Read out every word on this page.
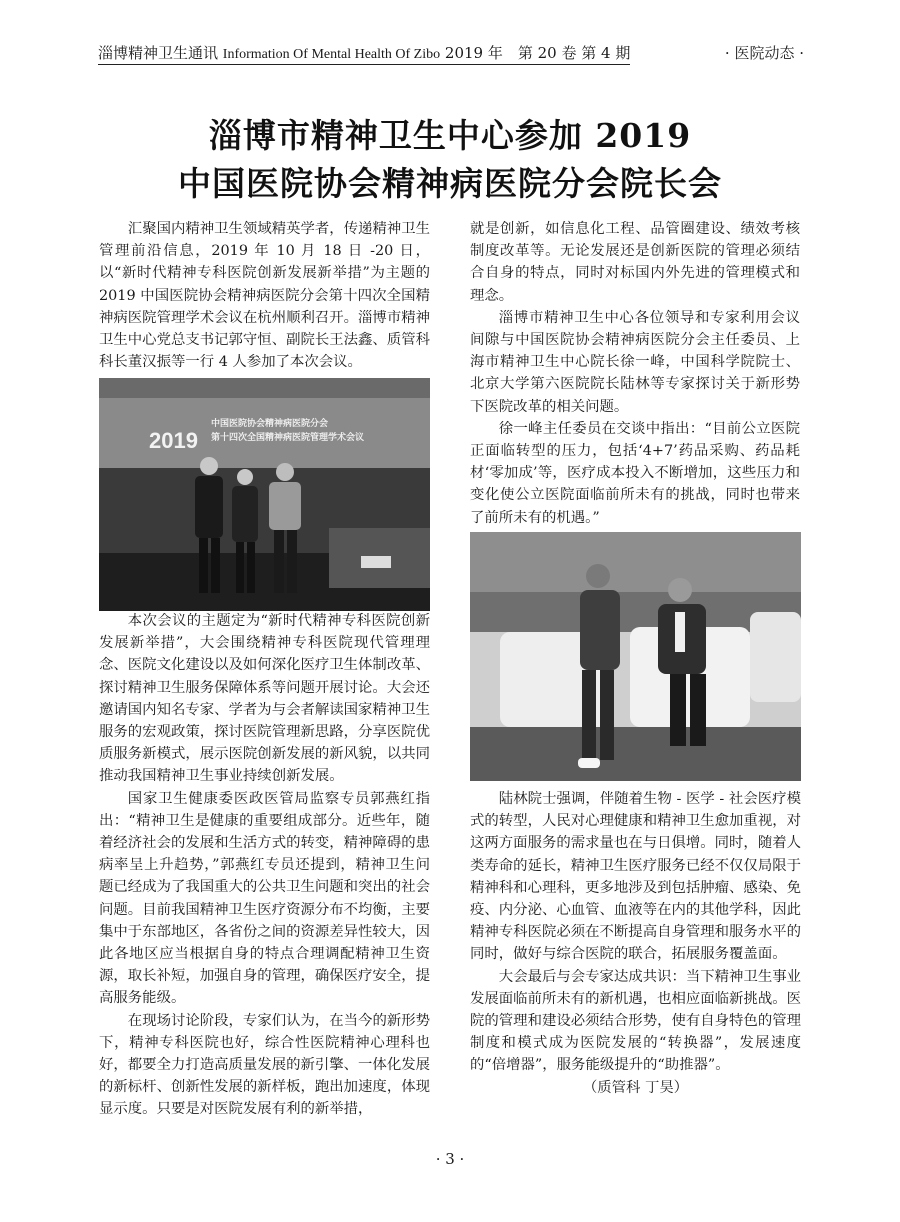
淄博精神卫生通讯 Information Of Mental Health Of Zibo 2019 年　第 20 卷 第 4 期	· 医院动态 ·
淄博市精神卫生中心参加 2019
中国医院协会精神病医院分会院长会

汇聚国内精神卫生领域精英学者，传递精神卫生管理前沿信息，2019 年 10 月 18 日 -20 日，以“新时代精神专科医院创新发展新举措”为主题的 2019 中国医院协会精神病医院分会第十四次全国精神病医院管理学术会议在杭州顺利召开。淄博市精神卫生中心党总支书记郭守恒、副院长王法鑫、质管科科长董汉振等一行 4 人参加了本次会议。

2019
中国医院协会精神病医院分会
第十四次全国精神病医院管理学术会议

本次会议的主题定为“新时代精神专科医院创新发展新举措”，大会围绕精神专科医院现代管理理念、医院文化建设以及如何深化医疗卫生体制改革、探讨精神卫生服务保障体系等问题开展讨论。大会还邀请国内知名专家、学者为与会者解读国家精神卫生服务的宏观政策，探讨医院管理新思路，分享医院优质服务新模式，展示医院创新发展的新风貌，以共同推动我国精神卫生事业持续创新发展。

国家卫生健康委医政医管局监察专员郭燕红指出：“精神卫生是健康的重要组成部分。近些年，随着经济社会的发展和生活方式的转变，精神障碍的患病率呈上升趋势，”郭燕红专员还提到，精神卫生问题已经成为了我国重大的公共卫生问题和突出的社会问题。目前我国精神卫生医疗资源分布不均衡，主要集中于东部地区，各省份之间的资源差异性较大，因此各地区应当根据自身的特点合理调配精神卫生资源，取长补短，加强自身的管理，确保医疗安全，提高服务能级。

在现场讨论阶段，专家们认为，在当今的新形势下，精神专科医院也好，综合性医院精神心理科也好，都要全力打造高质量发展的新引擎、一体化发展的新标杆、创新性发展的新样板，跑出加速度，体现显示度。只要是对医院发展有利的新举措，

就是创新，如信息化工程、品管圈建设、绩效考核制度改革等。无论发展还是创新医院的管理必须结合自身的特点，同时对标国内外先进的管理模式和理念。

淄博市精神卫生中心各位领导和专家利用会议间隙与中国医院协会精神病医院分会主任委员、上海市精神卫生中心院长徐一峰，中国科学院院士、北京大学第六医院院长陆林等专家探讨关于新形势下医院改革的相关问题。

徐一峰主任委员在交谈中指出：“目前公立医院正面临转型的压力，包括‘4+7’药品采购、药品耗材‘零加成’等，医疗成本投入不断增加，这些压力和变化使公立医院面临前所未有的挑战，同时也带来了前所未有的机遇。”

陆林院士强调，伴随着生物 - 医学 - 社会医疗模式的转型，人民对心理健康和精神卫生愈加重视，对这两方面服务的需求量也在与日俱增。同时，随着人类寿命的延长，精神卫生医疗服务已经不仅仅局限于精神科和心理科，更多地涉及到包括肿瘤、感染、免疫、内分泌、心血管、血液等在内的其他学科，因此精神专科医院必须在不断提高自身管理和服务水平的同时，做好与综合医院的联合，拓展服务覆盖面。

大会最后与会专家达成共识：当下精神卫生事业发展面临前所未有的新机遇，也相应面临新挑战。医院的管理和建设必须结合形势，使有自身特色的管理制度和模式成为医院发展的“转换器”，发展速度的“倍增器”，服务能级提升的“助推器”。

（质管科 丁昊）

· 3 ·
